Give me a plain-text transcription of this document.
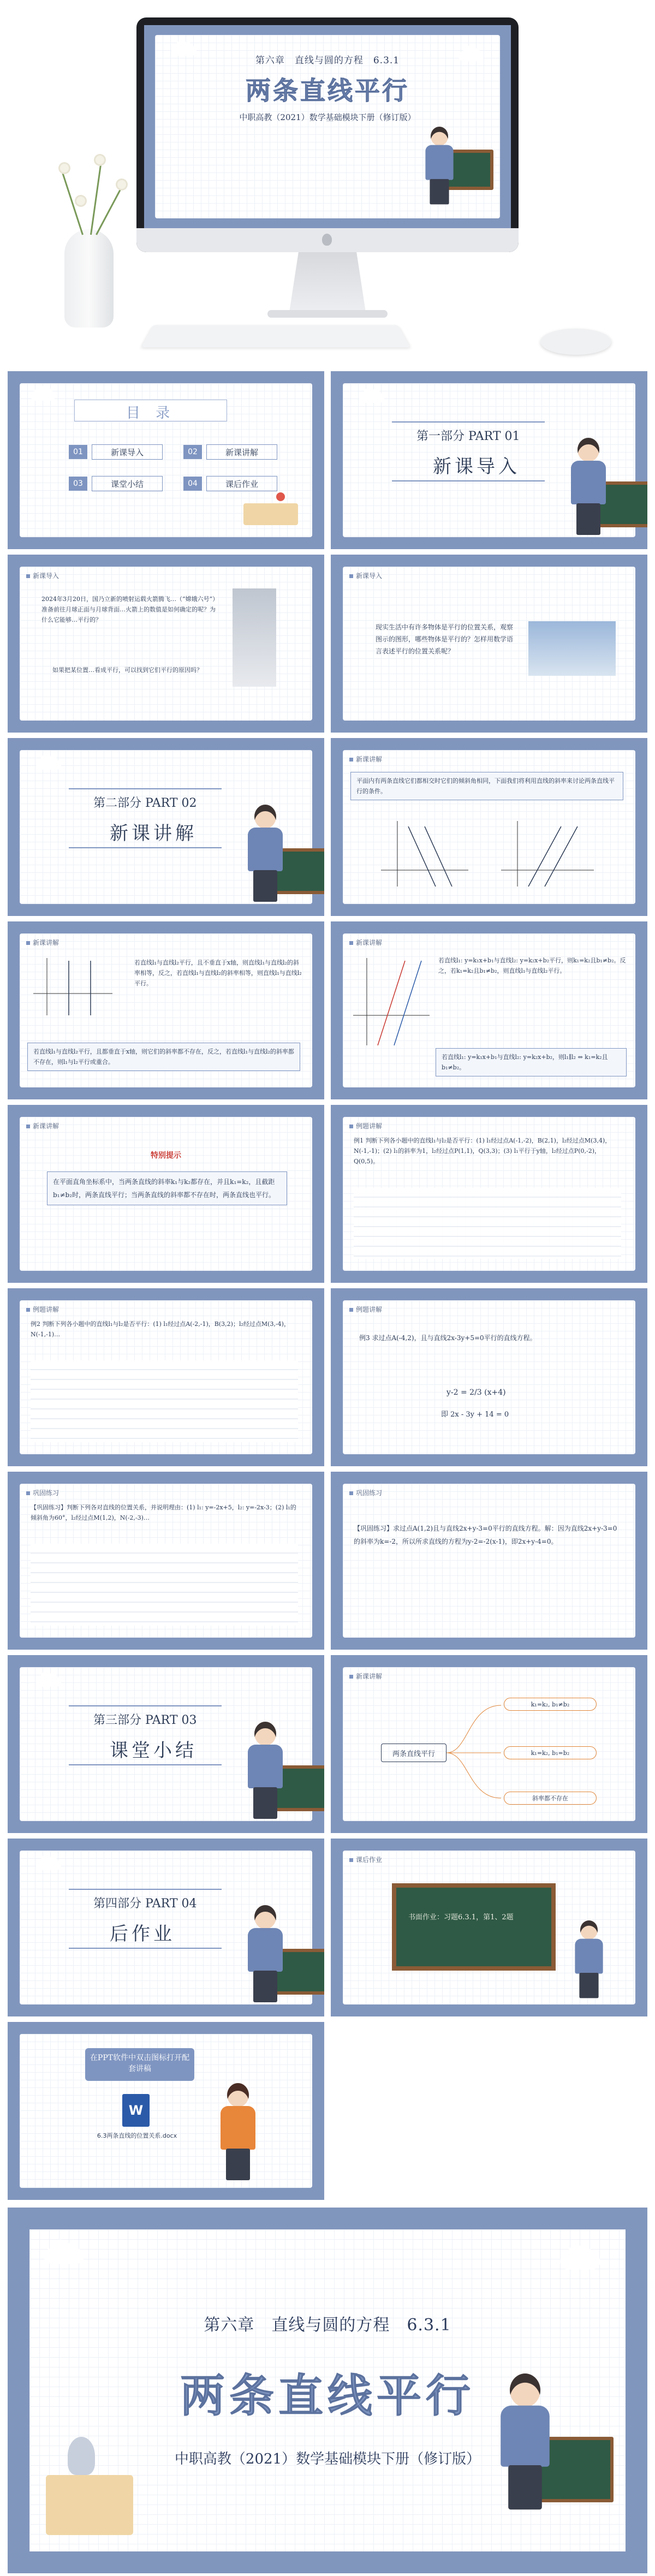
第六章　直线与圆的方程　6.3.1
两条直线平行
中职高教（2021）数学基础模块下册（修订版）
目 录
01	新课导入	02	新课讲解
03	课堂小结	04	课后作业
第一部分 PART 01
新课导入
新课导入
2024年3月20日，国乃立新的喷射运载火箭腾飞…（“嫦娥六号”）准备前往月球正面与月球背面…火箭上的数值是如何确定的呢？为什么它能够…平行的？
如果把某位置…看成平行，可以找到它们平行的原因吗？
新课导入
现实生活中有许多物体是平行的位置关系，观察图示的图形，哪些物体是平行的？怎样用数学语言表述平行的位置关系呢？
第二部分 PART 02
新课讲解
新课讲解
平面内有两条直线它们都相交时它们的倾斜角相同，下面我们将利用直线的斜率来讨论两条直线平行的条件。
新课讲解
若直线l₁与直线l₂平行，且不垂直于x轴，则直线l₁与直线l₂的斜率相等，反之，若直线l₁与直线l₂的斜率相等，则直线l₁与直线l₂平行。
若直线l₁与直线l₂平行，且都垂直于x轴，则它们的斜率都不存在，反之，若直线l₁与直线l₂的斜率都不存在，则l₁与l₂平行或重合。
新课讲解
若直线l₁: y=k₁x+b₁与直线l₂: y=k₂x+b₂平行，则k₁=k₂且b₁≠b₂。反之，若k₁=k₂且b₁≠b₂，则直线l₁与直线l₂平行。
若直线l₁: y=k₁x+b₁与直线l₂: y=k₂x+b₂，则l₁∥l₂ ⇔ k₁=k₂且b₁≠b₂。
新课讲解
特别提示
在平面直角坐标系中，当两条直线的斜率k₁与k₂都存在，并且k₁=k₂，且截距b₁≠b₂时，两条直线平行；当两条直线的斜率都不存在时，两条直线也平行。
例题讲解
例1 判断下列各小题中的直线l₁与l₂是否平行：(1) l₁经过点A(-1,-2)，B(2,1)，l₂经过点M(3,4)，N(-1,-1)；(2) l₁的斜率为1，l₂经过点P(1,1)，Q(3,3)；(3) l₁平行于y轴，l₂经过点P(0,-2)，Q(0,5)。
例题讲解
例2 判断下列各小题中的直线l₁与l₂是否平行：(1) l₁经过点A(-2,-1)，B(3,2)；l₂经过点M(3,-4)，N(-1,-1)…
例题讲解
例3 求过点A(-4,2)，且与直线2x-3y+5=0平行的直线方程。
y-2 = 2/3 (x+4)
即 2x - 3y + 14 = 0
巩固练习
【巩固练习】判断下列各对直线的位置关系，并说明理由：(1) l₁: y=-2x+5，l₂: y=-2x-3；(2) l₁的倾斜角为60°，l₂经过点M(1,2)，N(-2,-3)…
巩固练习
【巩固练习】求过点A(1,2)且与直线2x+y-3=0平行的直线方程。解：因为直线2x+y-3=0的斜率为k=-2，所以所求直线的方程为y-2=-2(x-1)，即2x+y-4=0。
第三部分 PART 03
课堂小结
新课讲解
两条直线平行
k₁=k₂, b₁≠b₂
k₁=k₂, b₁=b₂
斜率都不存在
第四部分 PART 04
后作业
课后作业
书面作业：习题6.3.1，第1、2题
在PPT软件中双击图标打开配套讲稿
W
6.3两条直线的位置关系.docx
第六章　直线与圆的方程　6.3.1
两条直线平行
中职高教（2021）数学基础模块下册（修订版）
